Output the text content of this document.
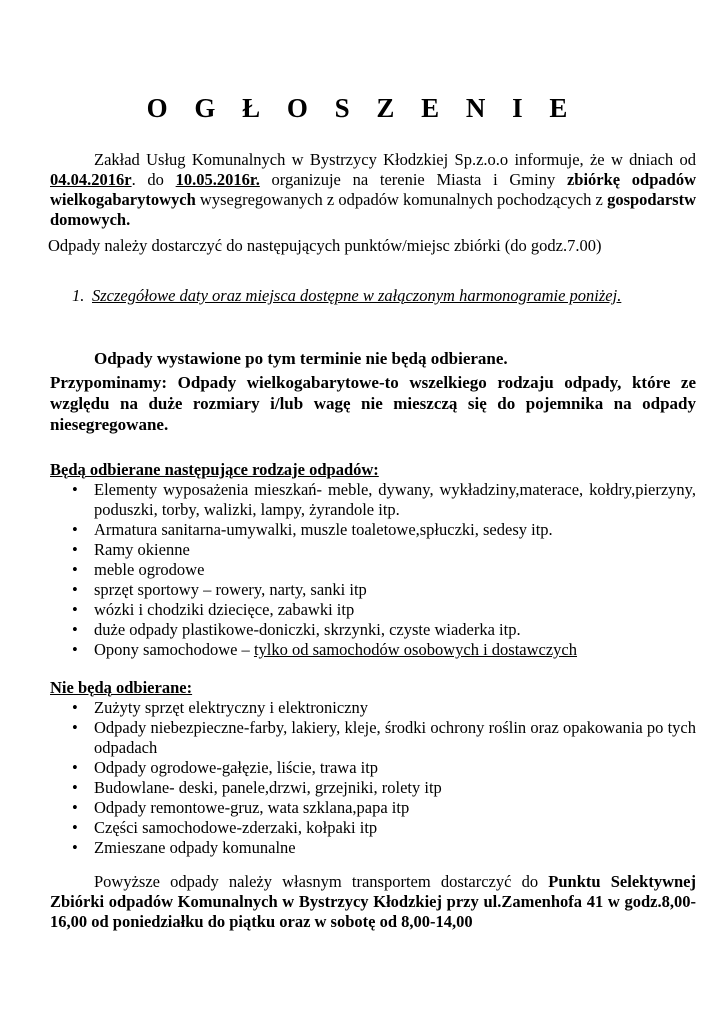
O G Ł O S Z E N I E
Zakład Usług Komunalnych w Bystrzycy Kłodzkiej Sp.z.o.o informuje, że w dniach od 04.04.2016r. do 10.05.2016r. organizuje na terenie Miasta i Gminy zbiórkę odpadów wielkogabarytowych wysegregowanych z odpadów komunalnych pochodzących z gospodarstw domowych.
Odpady należy dostarczyć do następujących punktów/miejsc zbiórki (do godz.7.00)
1. Szczegółowe daty oraz miejsca dostępne w załączonym harmonogramie poniżej.
Odpady wystawione po tym terminie nie będą odbierane.
Przypominamy: Odpady wielkogabarytowe-to wszelkiego rodzaju odpady, które ze względu na duże rozmiary i/lub wagę nie mieszczą się do pojemnika na odpady niesegregowane.
Będą odbierane następujące rodzaje odpadów:
• Elementy wyposażenia mieszkań- meble, dywany, wykładziny,materace, kołdry,pierzyny, poduszki, torby, walizki, lampy, żyrandole itp.
• Armatura sanitarna-umywalki, muszle toaletowe,spłuczki, sedesy itp.
• Ramy okienne
• meble ogrodowe
• sprzęt sportowy – rowery, narty, sanki itp
• wózki i chodziki dziecięce, zabawki itp
• duże odpady plastikowe-doniczki, skrzynki, czyste wiaderka itp.
• Opony samochodowe – tylko od samochodów osobowych i dostawczych
Nie będą odbierane:
• Zużyty sprzęt elektryczny i elektroniczny
• Odpady niebezpieczne-farby, lakiery, kleje, środki ochrony roślin oraz opakowania po tych odpadach
• Odpady ogrodowe-gałęzie, liście, trawa itp
• Budowlane- deski, panele,drzwi, grzejniki, rolety itp
• Odpady remontowe-gruz, wata szklana,papa itp
• Części samochodowe-zderzaki, kołpaki itp
• Zmieszane odpady komunalne
Powyższe odpady należy własnym transportem dostarczyć do Punktu Selektywnej Zbiórki odpadów Komunalnych w Bystrzycy Kłodzkiej przy ul.Zamenhofa 41 w godz.8,00-16,00 od poniedziałku do piątku oraz w sobotę od 8,00-14,00
